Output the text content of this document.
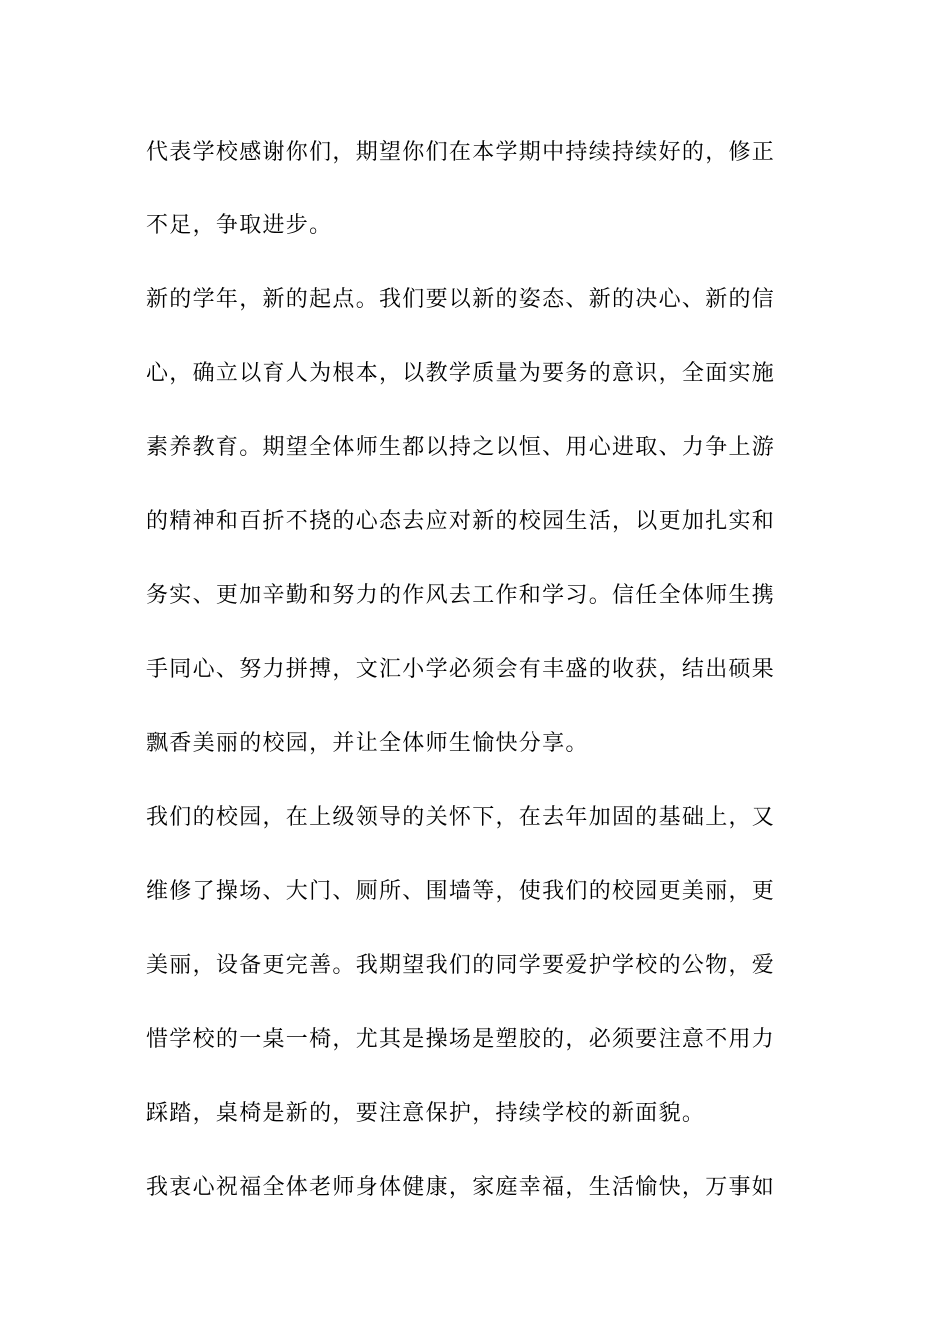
代表学校感谢你们，期望你们在本学期中持续持续好的，修正
不足，争取进步。
新的学年，新的起点。我们要以新的姿态、新的决心、新的信
心，确立以育人为根本，以教学质量为要务的意识，全面实施
素养教育。期望全体师生都以持之以恒、用心进取、力争上游
的精神和百折不挠的心态去应对新的校园生活，以更加扎实和
务实、更加辛勤和努力的作风去工作和学习。信任全体师生携
手同心、努力拼搏，文汇小学必须会有丰盛的收获，结出硕果
飘香美丽的校园，并让全体师生愉快分享。
我们的校园，在上级领导的关怀下，在去年加固的基础上，又
维修了操场、大门、厕所、围墙等，使我们的校园更美丽，更
美丽，设备更完善。我期望我们的同学要爱护学校的公物，爱
惜学校的一桌一椅，尤其是操场是塑胶的，必须要注意不用力
踩踏，桌椅是新的，要注意保护，持续学校的新面貌。
我衷心祝福全体老师身体健康，家庭幸福，生活愉快，万事如
